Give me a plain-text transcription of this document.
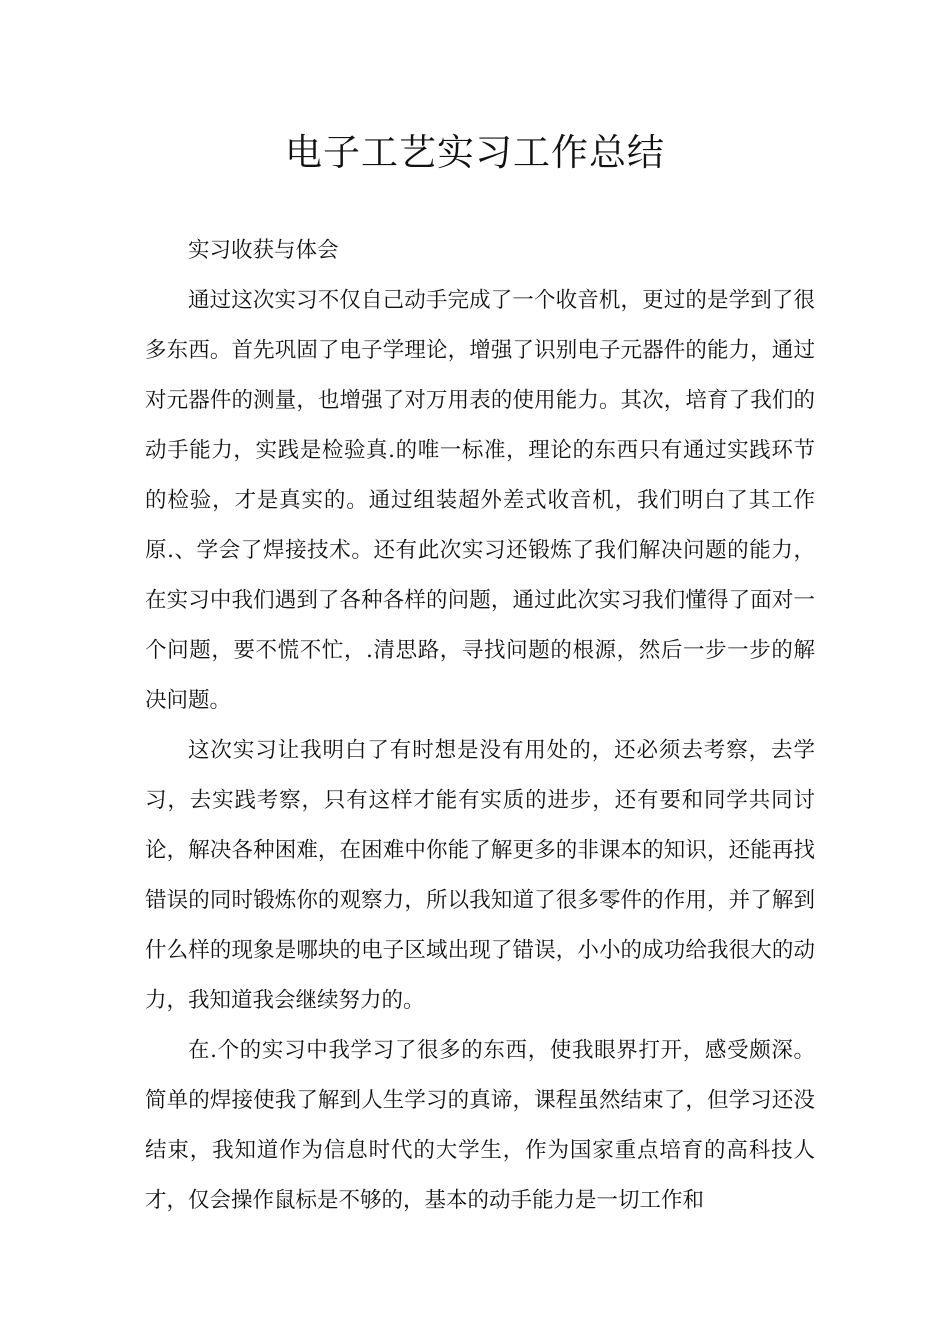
电子工艺实习工作总结

实习收获与体会

通过这次实习不仅自己动手完成了一个收音机，更过的是学到了很多东西。首先巩固了电子学理论，增强了识别电子元器件的能力，通过对元器件的测量，也增强了对万用表的使用能力。其次，培育了我们的动手能力，实践是检验真.的唯一标准，理论的东西只有通过实践环节的检验，才是真实的。通过组装超外差式收音机，我们明白了其工作原.、学会了焊接技术。还有此次实习还锻炼了我们解决问题的能力，在实习中我们遇到了各种各样的问题，通过此次实习我们懂得了面对一个问题，要不慌不忙，.清思路，寻找问题的根源，然后一步一步的解决问题。

这次实习让我明白了有时想是没有用处的，还必须去考察，去学习，去实践考察，只有这样才能有实质的进步，还有要和同学共同讨论，解决各种困难，在困难中你能了解更多的非课本的知识，还能再找错误的同时锻炼你的观察力，所以我知道了很多零件的作用，并了解到什么样的现象是哪块的电子区域出现了错误，小小的成功给我很大的动力，我知道我会继续努力的。

在.个的实习中我学习了很多的东西，使我眼界打开，感受颇深。简单的焊接使我了解到人生学习的真谛，课程虽然结束了，但学习还没结束，我知道作为信息时代的大学生，作为国家重点培育的高科技人才，仅会操作鼠标是不够的，基本的动手能力是一切工作和
